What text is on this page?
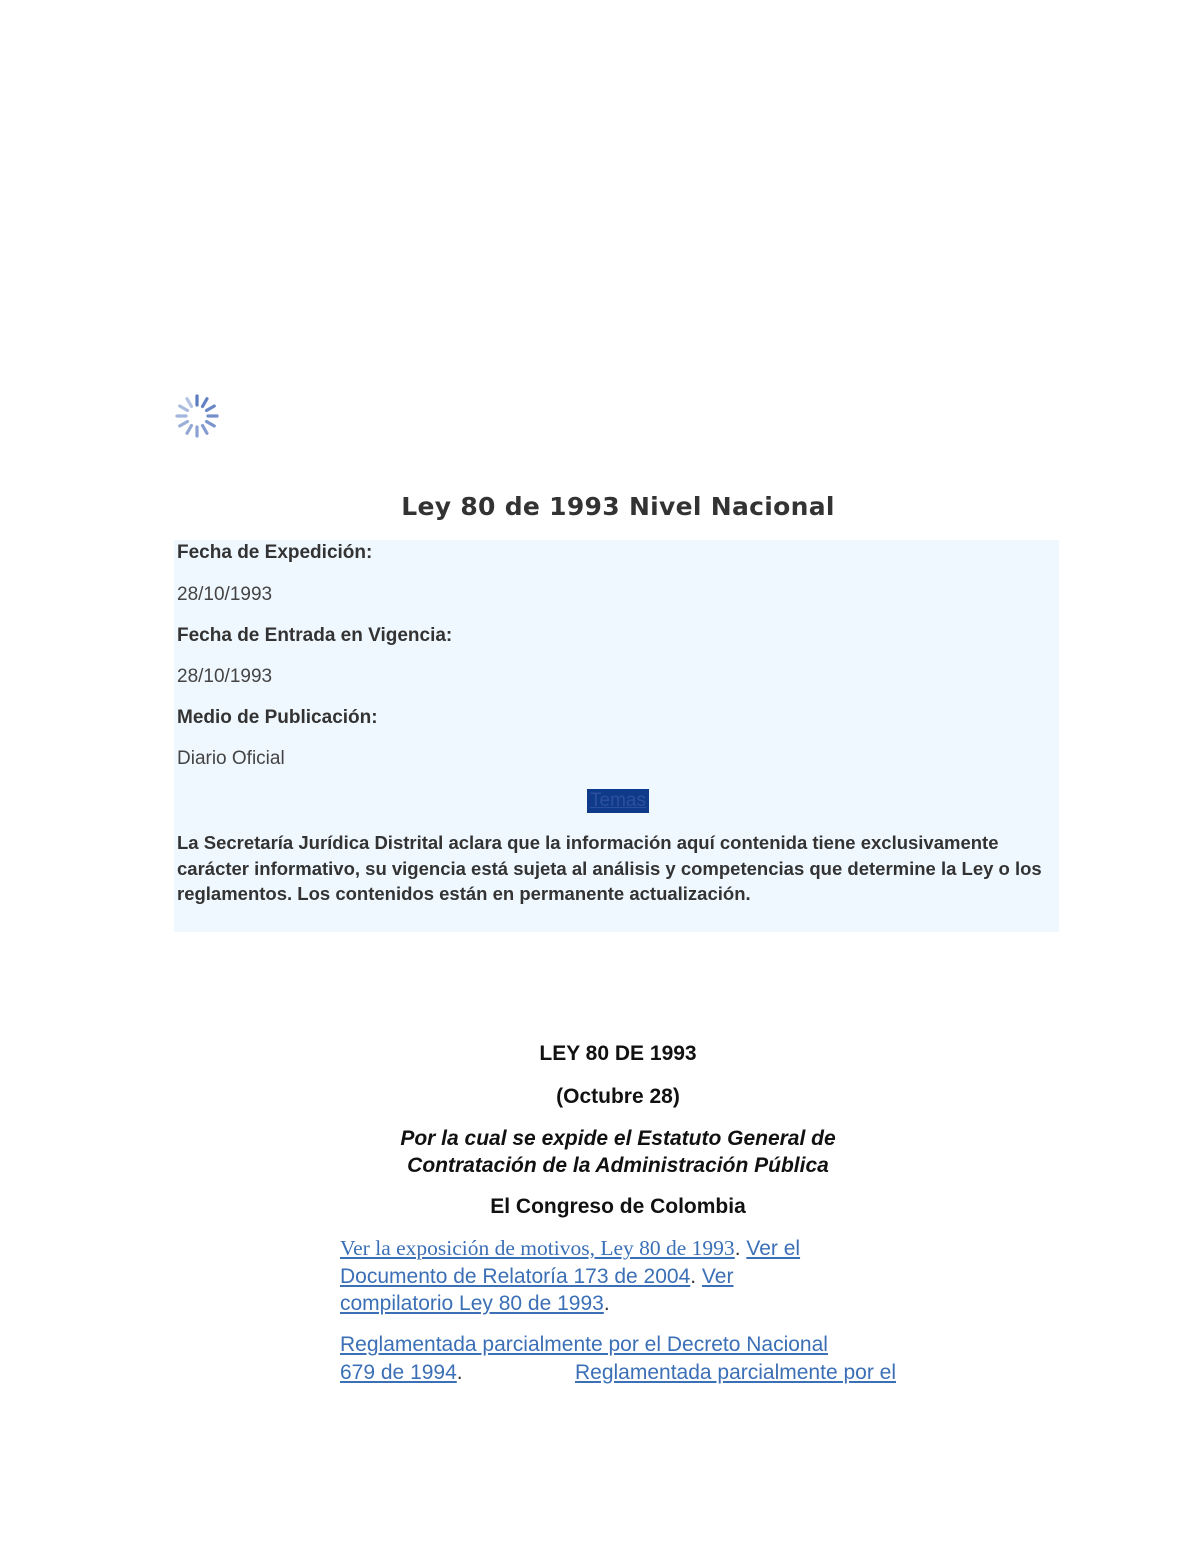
Ley 80 de 1993 Nivel Nacional
Fecha de Expedición:
28/10/1993
Fecha de Entrada en Vigencia:
28/10/1993
Medio de Publicación:
Diario Oficial
Temas
La Secretaría Jurídica Distrital aclara que la información aquí contenida tiene exclusivamente carácter informativo, su vigencia está sujeta al análisis y competencias que determine la Ley o los reglamentos. Los contenidos están en permanente actualización.
LEY 80 DE 1993
(Octubre 28)
Por la cual se expide el Estatuto General de Contratación de la Administración Pública
El Congreso de Colombia
Ver la exposición de motivos, Ley 80 de 1993. Ver el
Documento de Relatoría 173 de 2004. Ver
compilatorio Ley 80 de 1993.
Reglamentada parcialmente por el Decreto Nacional
679 de 1994.	Reglamentada parcialmente por el
